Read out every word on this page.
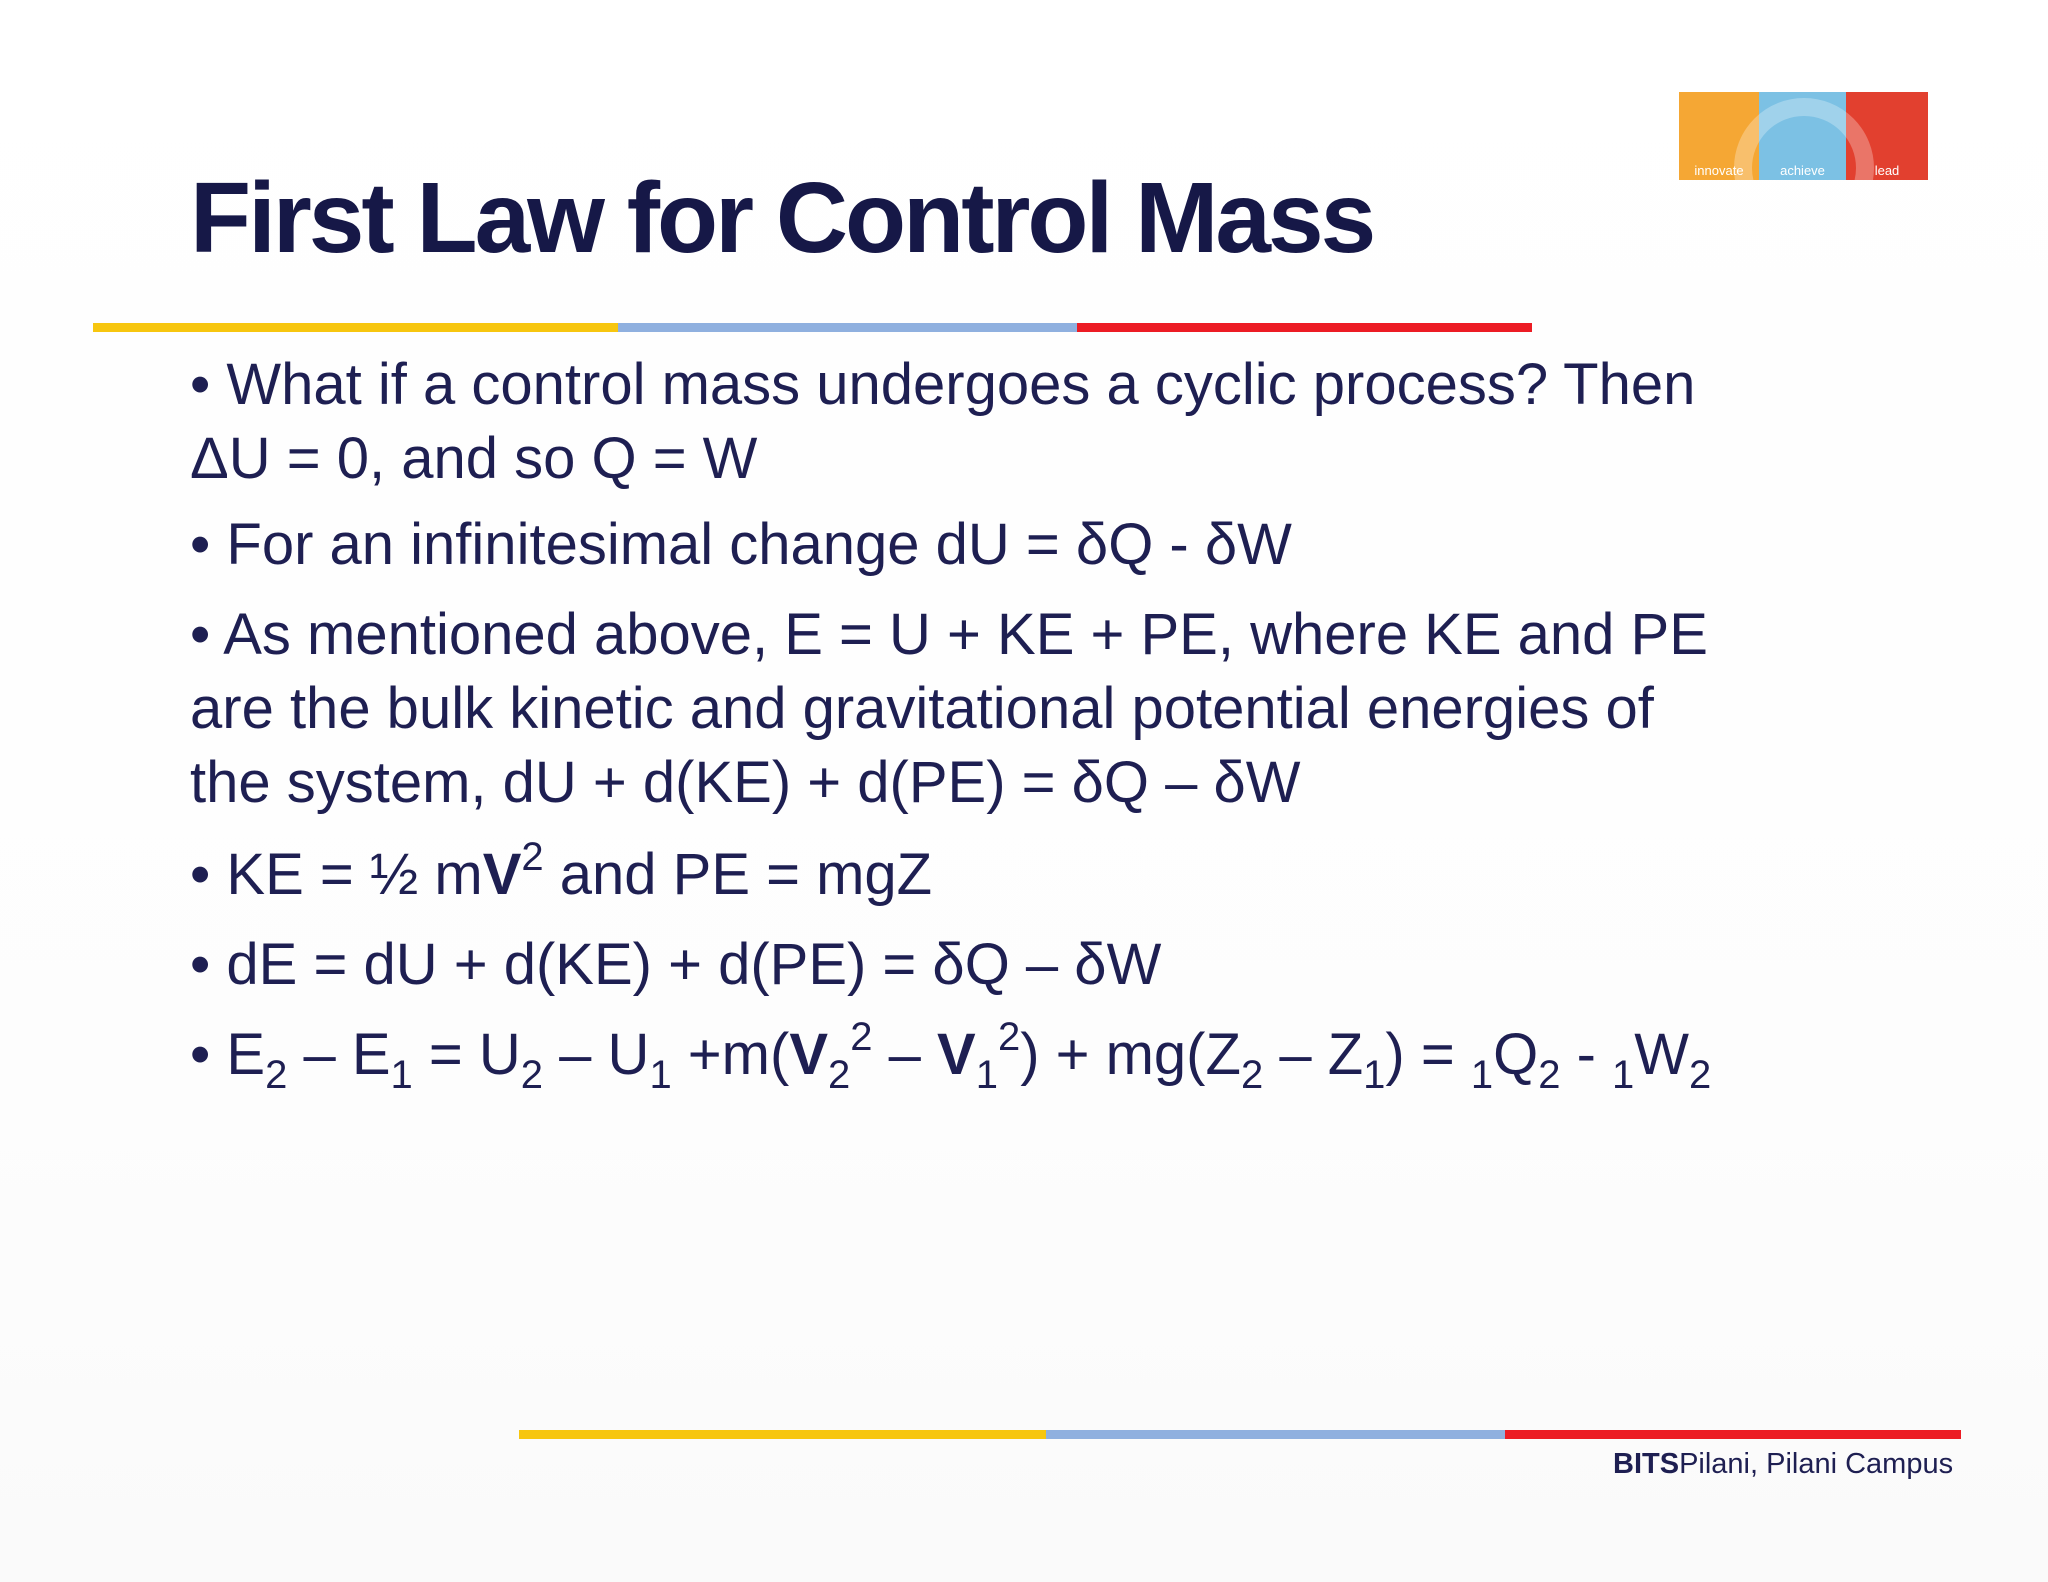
innovate	achieve	lead
First Law for Control Mass
• What if a control mass undergoes a cyclic process? Then
ΔU = 0, and so Q = W
• For an infinitesimal change dU = δQ - δW
• As mentioned above, E = U + KE + PE, where KE and PE
are the bulk kinetic and gravitational potential energies of
the system, dU + d(KE) + d(PE) = δQ – δW
• KE = ½ $mV^2$ and PE = mgZ
• dE = dU + d(KE) + d(PE) = δQ – δW
• $E_2 - E_1 = U_2 - U_1 +m(V_2^2 - V_1^2) + mg(Z_2 - Z_1) = _1Q_2 - _1W_2$
BITSPilani, Pilani Campus
